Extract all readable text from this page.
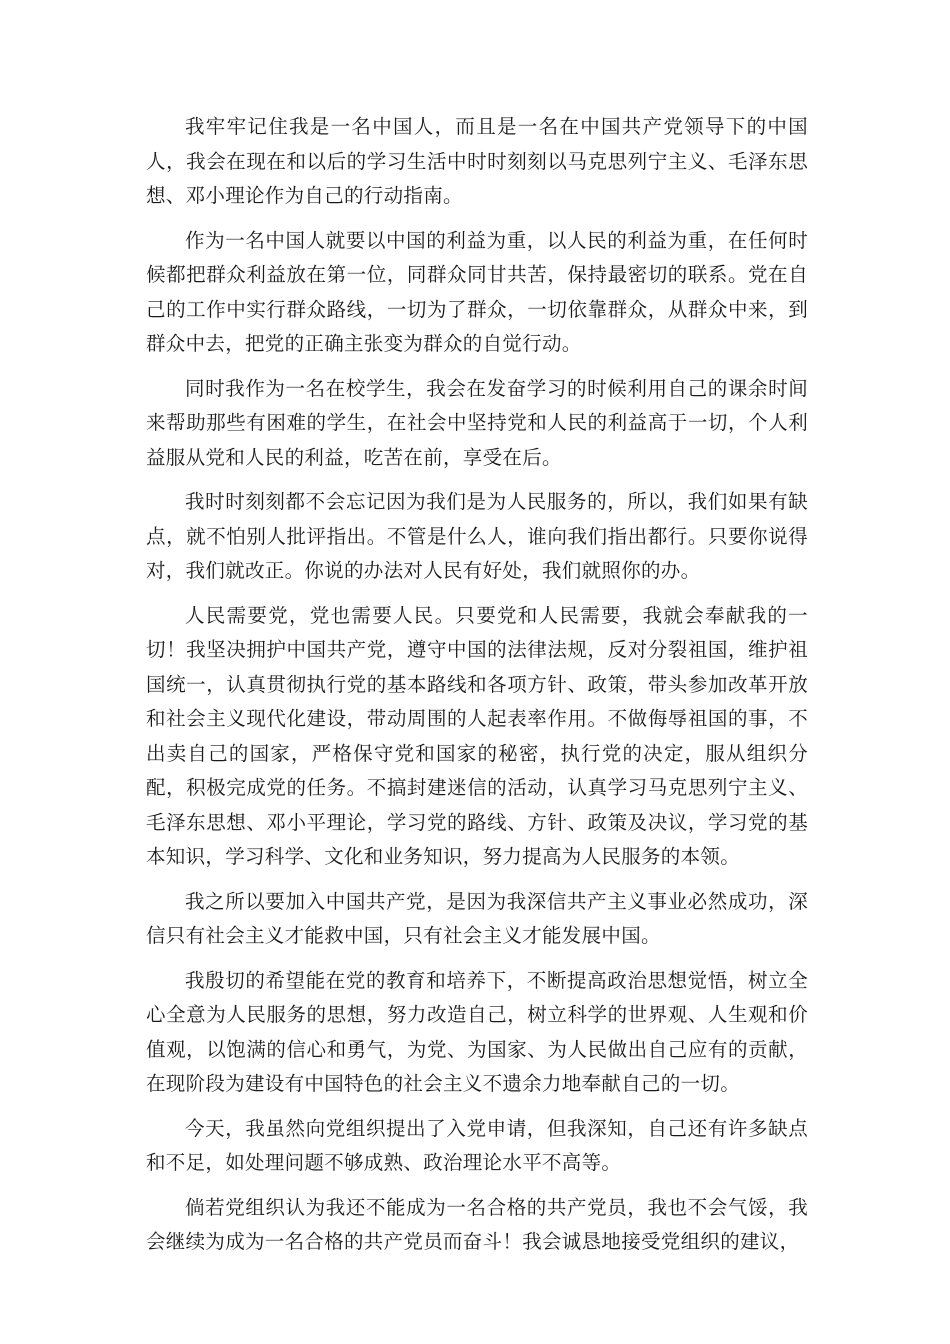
我牢牢记住我是一名中国人，而且是一名在中国共产党领导下的中国人，我会在现在和以后的学习生活中时时刻刻以马克思列宁主义、毛泽东思想、邓小理论作为自己的行动指南。

作为一名中国人就要以中国的利益为重，以人民的利益为重，在任何时候都把群众利益放在第一位，同群众同甘共苦，保持最密切的联系。党在自己的工作中实行群众路线，一切为了群众，一切依靠群众，从群众中来，到群众中去，把党的正确主张变为群众的自觉行动。

同时我作为一名在校学生，我会在发奋学习的时候利用自己的课余时间来帮助那些有困难的学生，在社会中坚持党和人民的利益高于一切，个人利益服从党和人民的利益，吃苦在前，享受在后。

我时时刻刻都不会忘记因为我们是为人民服务的，所以，我们如果有缺点，就不怕别人批评指出。不管是什么人，谁向我们指出都行。只要你说得对，我们就改正。你说的办法对人民有好处，我们就照你的办。

人民需要党，党也需要人民。只要党和人民需要，我就会奉献我的一切！我坚决拥护中国共产党，遵守中国的法律法规，反对分裂祖国，维护祖国统一，认真贯彻执行党的基本路线和各项方针、政策，带头参加改革开放和社会主义现代化建设，带动周围的人起表率作用。不做侮辱祖国的事，不出卖自己的国家，严格保守党和国家的秘密，执行党的决定，服从组织分配，积极完成党的任务。不搞封建迷信的活动，认真学习马克思列宁主义、毛泽东思想、邓小平理论，学习党的路线、方针、政策及决议，学习党的基本知识，学习科学、文化和业务知识，努力提高为人民服务的本领。

我之所以要加入中国共产党，是因为我深信共产主义事业必然成功，深信只有社会主义才能救中国，只有社会主义才能发展中国。

我殷切的希望能在党的教育和培养下，不断提高政治思想觉悟，树立全心全意为人民服务的思想，努力改造自己，树立科学的世界观、人生观和价值观，以饱满的信心和勇气，为党、为国家、为人民做出自己应有的贡献，在现阶段为建设有中国特色的社会主义不遗余力地奉献自己的一切。

今天，我虽然向党组织提出了入党申请，但我深知，自己还有许多缺点和不足，如处理问题不够成熟、政治理论水平不高等。

倘若党组织认为我还不能成为一名合格的共产党员，我也不会气馁，我会继续为成为一名合格的共产党员而奋斗！我会诚恳地接受党组织的建议，
